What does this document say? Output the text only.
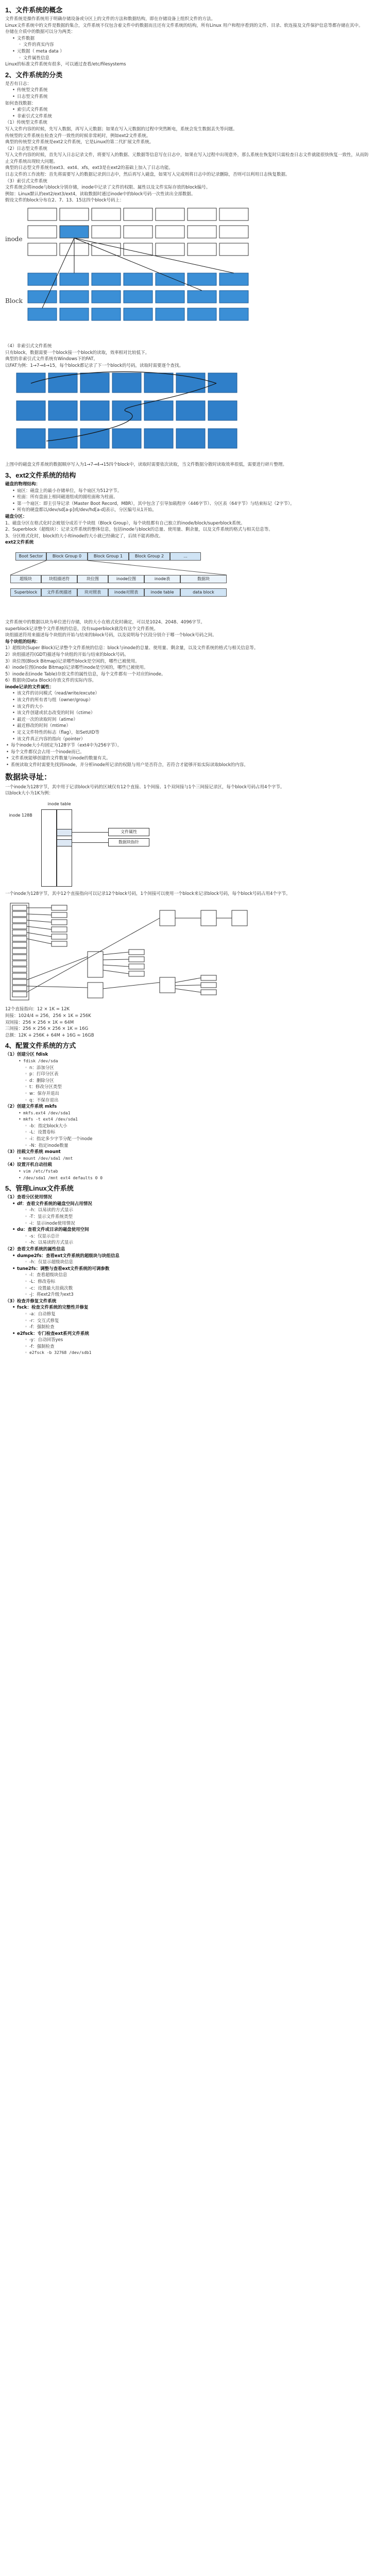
1、文件系统的概念

文件系统是操作系统用于明确存储设备或分区上的文件的方法和数据结构，即在存储设备上组织文件的方法。

Linux文件系统中的文件是数据的集合，文件系统不仅包含着文件中的数据而且还有文件系统的结构，所有Linux 用户和程序看到的文件、目录、软连接及文件保护信息等都存储在其中。

存储在介质中的数据可以分为两类：

• 文件数据
◦ 文件的真实内容
• 元数据（ meta data ）
◦ 文件属性信息

Linux的标准文件系统有很多，可以通过查看/etc/filesystems

2、文件系统的分类

是否有日志：

• 传统型文件系统
• 日志型文件系统

如何查找数据：

• 索引式文件系统
• 非索引式文件系统

（1）传统型文件系统

写入文件内容的时候，先写入数据，再写入元数据；如果在写入元数据的过程中突然断电，系统会发生数据丢失等问题。

传统型的文件系统在检查文件一致性的时候非常耗时，例如ext2文件系统。

典型的传统型文件系统是ext2文件系统，它是Linux的第二代扩展文件系统。

（2）日志型文件系统

写入文件内容的时候，首先写入日志记录文件，将要写入的数据、元数据等信息写在日志中，如果在写入过程中出现意外，那么系统在恢复时只需检查日志文件就能很快恢复一致性，从而防止文件系统出现较大问题。

典型的日志型文件系统有ext3、ext4、xfs，ext3是在ext2的基础上加入了日志功能。

日志文件的工作流程：首先将需要写入的数据记录到日志中，然后再写入磁盘，如果写入完成则将日志中的记录删除，否则可以利用日志恢复数据。

（3）索引式文件系统

文件系统会将inode与block分别存储，inode中记录了文件的权限、属性以及文件实际存放的block编号。

例如：Linux默认的ext2/ext3/ext4，读取数据时通过inode中的block号码一次性读出全部数据。

假设文件的block分布在2、7、13、15这四个block号码上：

inode
Block

（4）非索引式文件系统

只有block，数据需要一个block接一个block的读取，效率相对比较低下。

典型的非索引式文件系统有Windows下的FAT。

以FAT为例：1→7→4→15，每个block都记录了下一个block的号码，读取时需要逐个查找。

上图中的磁盘文件系统的数据顺序写入为1→7→4→15四个block中，读取时需要依次读取，当文件数据分散时读取效率很低，需要进行碎片整理。

3、ext2文件系统的结构

磁盘的物理结构：

• 扇区：磁盘上的最小存储单位，每个扇区为512字节。
• 柱面：所有盘面上相同磁道组成的圆柱面称为柱面。
• 第一个扇区：即主引导记录（Master Boot Record，MBR），其中包含了引导加载程序（446字节）、分区表（64字节）与结束标记（2字节）。
• 所有的硬盘都以/dev/sd[a-p]或/dev/hd[a-d]表示，分区编号从1开始。

磁盘分区：

1、磁盘分区在格式化时会被划分成若干个块组（Block Group），每个块组都有自己独立的inode/block/superblock系统。

2、Superblock（超级块）：记录文件系统的整体信息，包括inode与block的总量、使用量、剩余量，以及文件系统的格式与相关信息等。

3、分区格式化时，block的大小和inode的大小就已经确定了，后续不能再修改。

ext2文件系统

Boot Sector	Block Group 0	Block Group 1	Block Group 2	...
超级块	块组描述符	块位图	inode位图	inode表	数据块
Superblock	文件系统描述	块对照表	inode对照表	inode table	data block

文件系统中的数据以块为单位进行存储，块的大小在格式化时确定，可以是1024、2048、4096字节。

superblock记录整个文件系统的信息，没有superblock就没有这个文件系统。

块组描述符用来描述每个块组的开始与结束的block号码，以及说明每个区段分别介于哪一个block号码之间。

每个块组的结构：

1）超级块(Super Block)记录整个文件系统的信息：block与inode的总量、使用量、剩余量，以及文件系统的格式与相关信息等。

2）块组描述符(GDT)描述每个块组的开始与结束的block号码。

3）块位图(Block Bitmap)记录哪些block是空闲的，哪些已被使用。

4）inode位图(inode Bitmap)记录哪些inode是空闲的，哪些已被使用。

5）inode表(inode Table)存放文件的属性信息，每个文件都有一个对应的inode。

6）数据块(Data Block)存放文件的实际内容。

inode记录的文件属性：

• 该文件的访问模式（read/write/excute）
• 该文件的所有者与组（owner/group）
• 该文件的大小
• 该文件创建或状态改变的时间（ctime）
• 最近一次的读取时间（atime）
• 最近修改的时间（mtime）
• 定义文件特性的标志（flag），如SetUID等
• 该文件真正内容的指向（pointer）
• 每个inode大小均固定为128字节（ext4中为256字节）。
• 每个文件都仅会占用一个inode而已。
• 文件系统能够创建的文件数量与inode的数量有关。
• 系统读取文件时需要先找到inode，并分析inode所记录的权限与用户是否符合，若符合才能够开始实际读取block的内容。
数据块寻址：

一个inode为128字节，其中用于记录block号码的区域仅有12个直接、1个间接、1个双间接与1个三间接记录区，每个block号码占用4个字节。

以block大小为1K为例：

inode table
inode 128B
文件属性
数据块指针

一个inode为128字节，其中12个直接指向可以记录12个block号码，1个间接可以使用一个block来记录block号码，每个block号码占用4个字节。

12个直接指向：12 × 1K = 12K

间接：1024/4 = 256，256 × 1K = 256K

双间接：256 × 256 × 1K = 64M

三间接：256 × 256 × 256 × 1K = 16G

总额：12K + 256K + 64M + 16G ≈ 16GB

4、配置文件系统的方式

（1）创建分区 fdisk

• fdisk /dev/sda
◦ n：添加分区
◦ p：打印分区表
◦ d：删除分区
◦ t：修改分区类型
◦ w：保存并退出
◦ q：不保存退出

（2）创建文件系统 mkfs

• mkfs.ext4 /dev/sda1
• mkfs -t ext4 /dev/sda1
◦ -b：指定block大小
◦ -L：设置卷标
◦ -i：指定多少字节分配一个inode
◦ -N：指定inode数量

（3）挂载文件系统 mount

• mount /dev/sda1 /mnt

（4）设置开机自动挂载

• vim /etc/fstab
• /dev/sda1 /mnt ext4 defaults 0 0
5、管理Linux文件系统

（1）查看分区使用情况

• df：查看文件系统的磁盘空间占用情况
◦ -h：以易读的方式显示
◦ -T：显示文件系统类型
◦ -i：显示inode使用情况
• du：查看文件或目录的磁盘使用空间
◦ -s：仅显示总计
◦ -h：以易读的方式显示

（2）查看文件系统的属性信息

• dumpe2fs：查看ext文件系统的超级块与块组信息
◦ -h：仅显示超级块信息
• tune2fs：调整与查看ext文件系统的可调参数
◦ -l：查看超级块信息
◦ -L：修改卷标
◦ -c：设置最大挂载次数
◦ -j：将ext2升级为ext3

（3）检查并修复文件系统

• fsck：检查文件系统的完整性并修复
◦ -a：自动修复
◦ -r：交互式修复
◦ -f：强制检查
• e2fsck：专门检查ext系列文件系统
◦ -y：自动回答yes
◦ -f：强制检查
◦ e2fsck -b 32768 /dev/sdb1
